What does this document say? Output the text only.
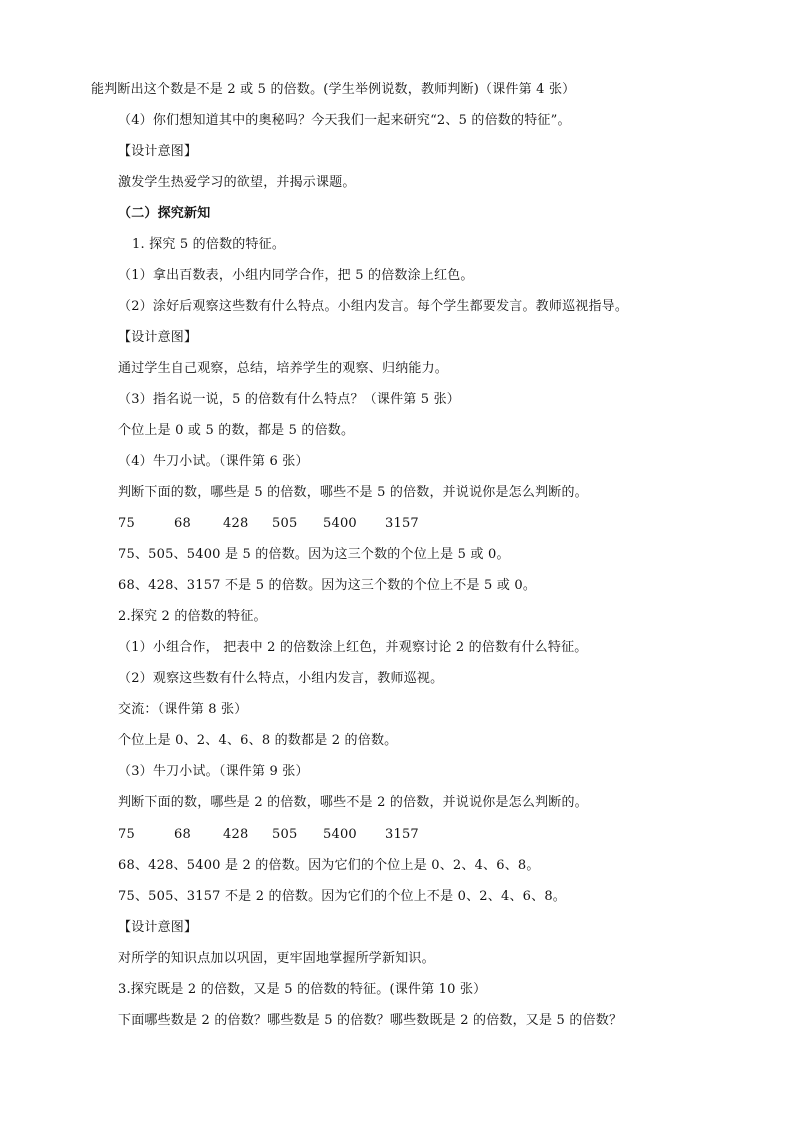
能判断出这个数是不是 2 或 5 的倍数。(学生举例说数，教师判断)（课件第 4 张）
（4）你们想知道其中的奥秘吗？今天我们一起来研究“2、5 的倍数的特征”。
【设计意图】
激发学生热爱学习的欲望，并揭示课题。
（二）探究新知
1. 探究 5 的倍数的特征。
（1）拿出百数表，小组内同学合作，把 5 的倍数涂上红色。
（2）涂好后观察这些数有什么特点。小组内发言。每个学生都要发言。教师巡视指导。
【设计意图】
通过学生自己观察，总结，培养学生的观察、归纳能力。
（3）指名说一说，5 的倍数有什么特点？（课件第 5 张）
个位上是 0 或 5 的数，都是 5 的倍数。
（4）牛刀小试。（课件第 6 张）
判断下面的数，哪些是 5 的倍数，哪些不是 5 的倍数，并说说你是怎么判断的。
75	68 428 505 5400 3157
75、505、5400 是 5 的倍数。因为这三个数的个位上是 5 或 0。
68、428、3157 不是 5 的倍数。因为这三个数的个位上不是 5 或 0。
2.探究 2 的倍数的特征。
（1）小组合作， 把表中 2 的倍数涂上红色，并观察讨论 2 的倍数有什么特征。
（2）观察这些数有什么特点，小组内发言，教师巡视。
交流：（课件第 8 张）
个位上是 0、2、4、6、8 的数都是 2 的倍数。
（3）牛刀小试。（课件第 9 张）
判断下面的数，哪些是 2 的倍数，哪些不是 2 的倍数，并说说你是怎么判断的。
75	68 428 505 5400 3157
68、428、5400 是 2 的倍数。因为它们的个位上是 0、2、4、6、8。
75、505、3157 不是 2 的倍数。因为它们的个位上不是 0、2、4、6、8。
【设计意图】
对所学的知识点加以巩固，更牢固地掌握所学新知识。
3.探究既是 2 的倍数，又是 5 的倍数的特征。(课件第 10 张）
下面哪些数是 2 的倍数？哪些数是 5 的倍数？哪些数既是 2 的倍数，又是 5 的倍数？
